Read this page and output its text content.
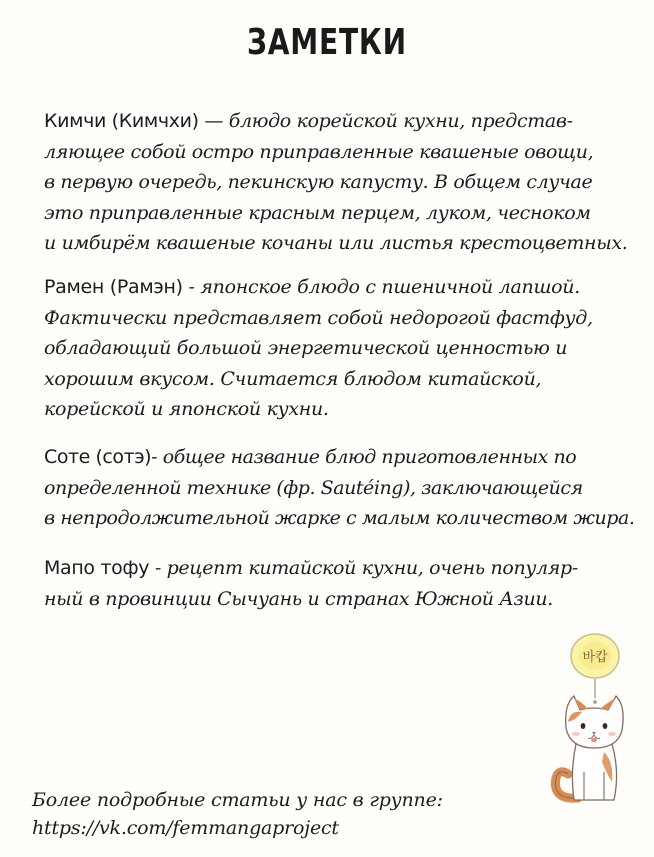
ЗАМЕТКИ
Кимчи (Кимчхи) — блюдо корейской кухни, представ-
ляющее собой остро приправленные квашеные овощи,
в первую очередь, пекинскую капусту. В общем случае
это приправленные красным перцем, луком, чесноком
и имбирём квашеные кочаны или листья крестоцветных.
Рамен (Рамэн) - японское блюдо с пшеничной лапшой.
Фактически представляет собой недорогой фастфуд,
обладающий большой энергетической ценностью и
хорошим вкусом. Считается блюдом китайской,
корейской и японской кухни.
Соте (сотэ)- общее название блюд приготовленных по
определенной технике (фр. Sautéing), заключающейся
в непродолжительной жарке с малым количеством жира.
Мапо тофу - рецепт китайской кухни, очень популяр-
ный в провинции Сычуань и странах Южной Азии.
바캅
Более подробные статьи у нас в группе:
https://vk.com/femmangaproject
